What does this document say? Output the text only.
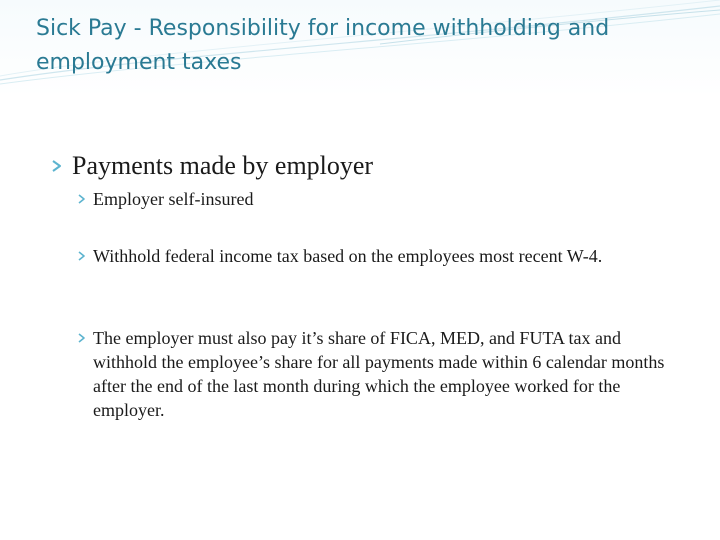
Sick Pay - Responsibility for income withholding and employment taxes
Payments made by employer
Employer self-insured
Withhold federal income tax based on the employees most recent W-4.
The employer must also pay it’s share of FICA, MED, and FUTA tax and withhold the employee’s share for all payments made within 6 calendar months after the end of the last month during which the employee worked for the employer.
